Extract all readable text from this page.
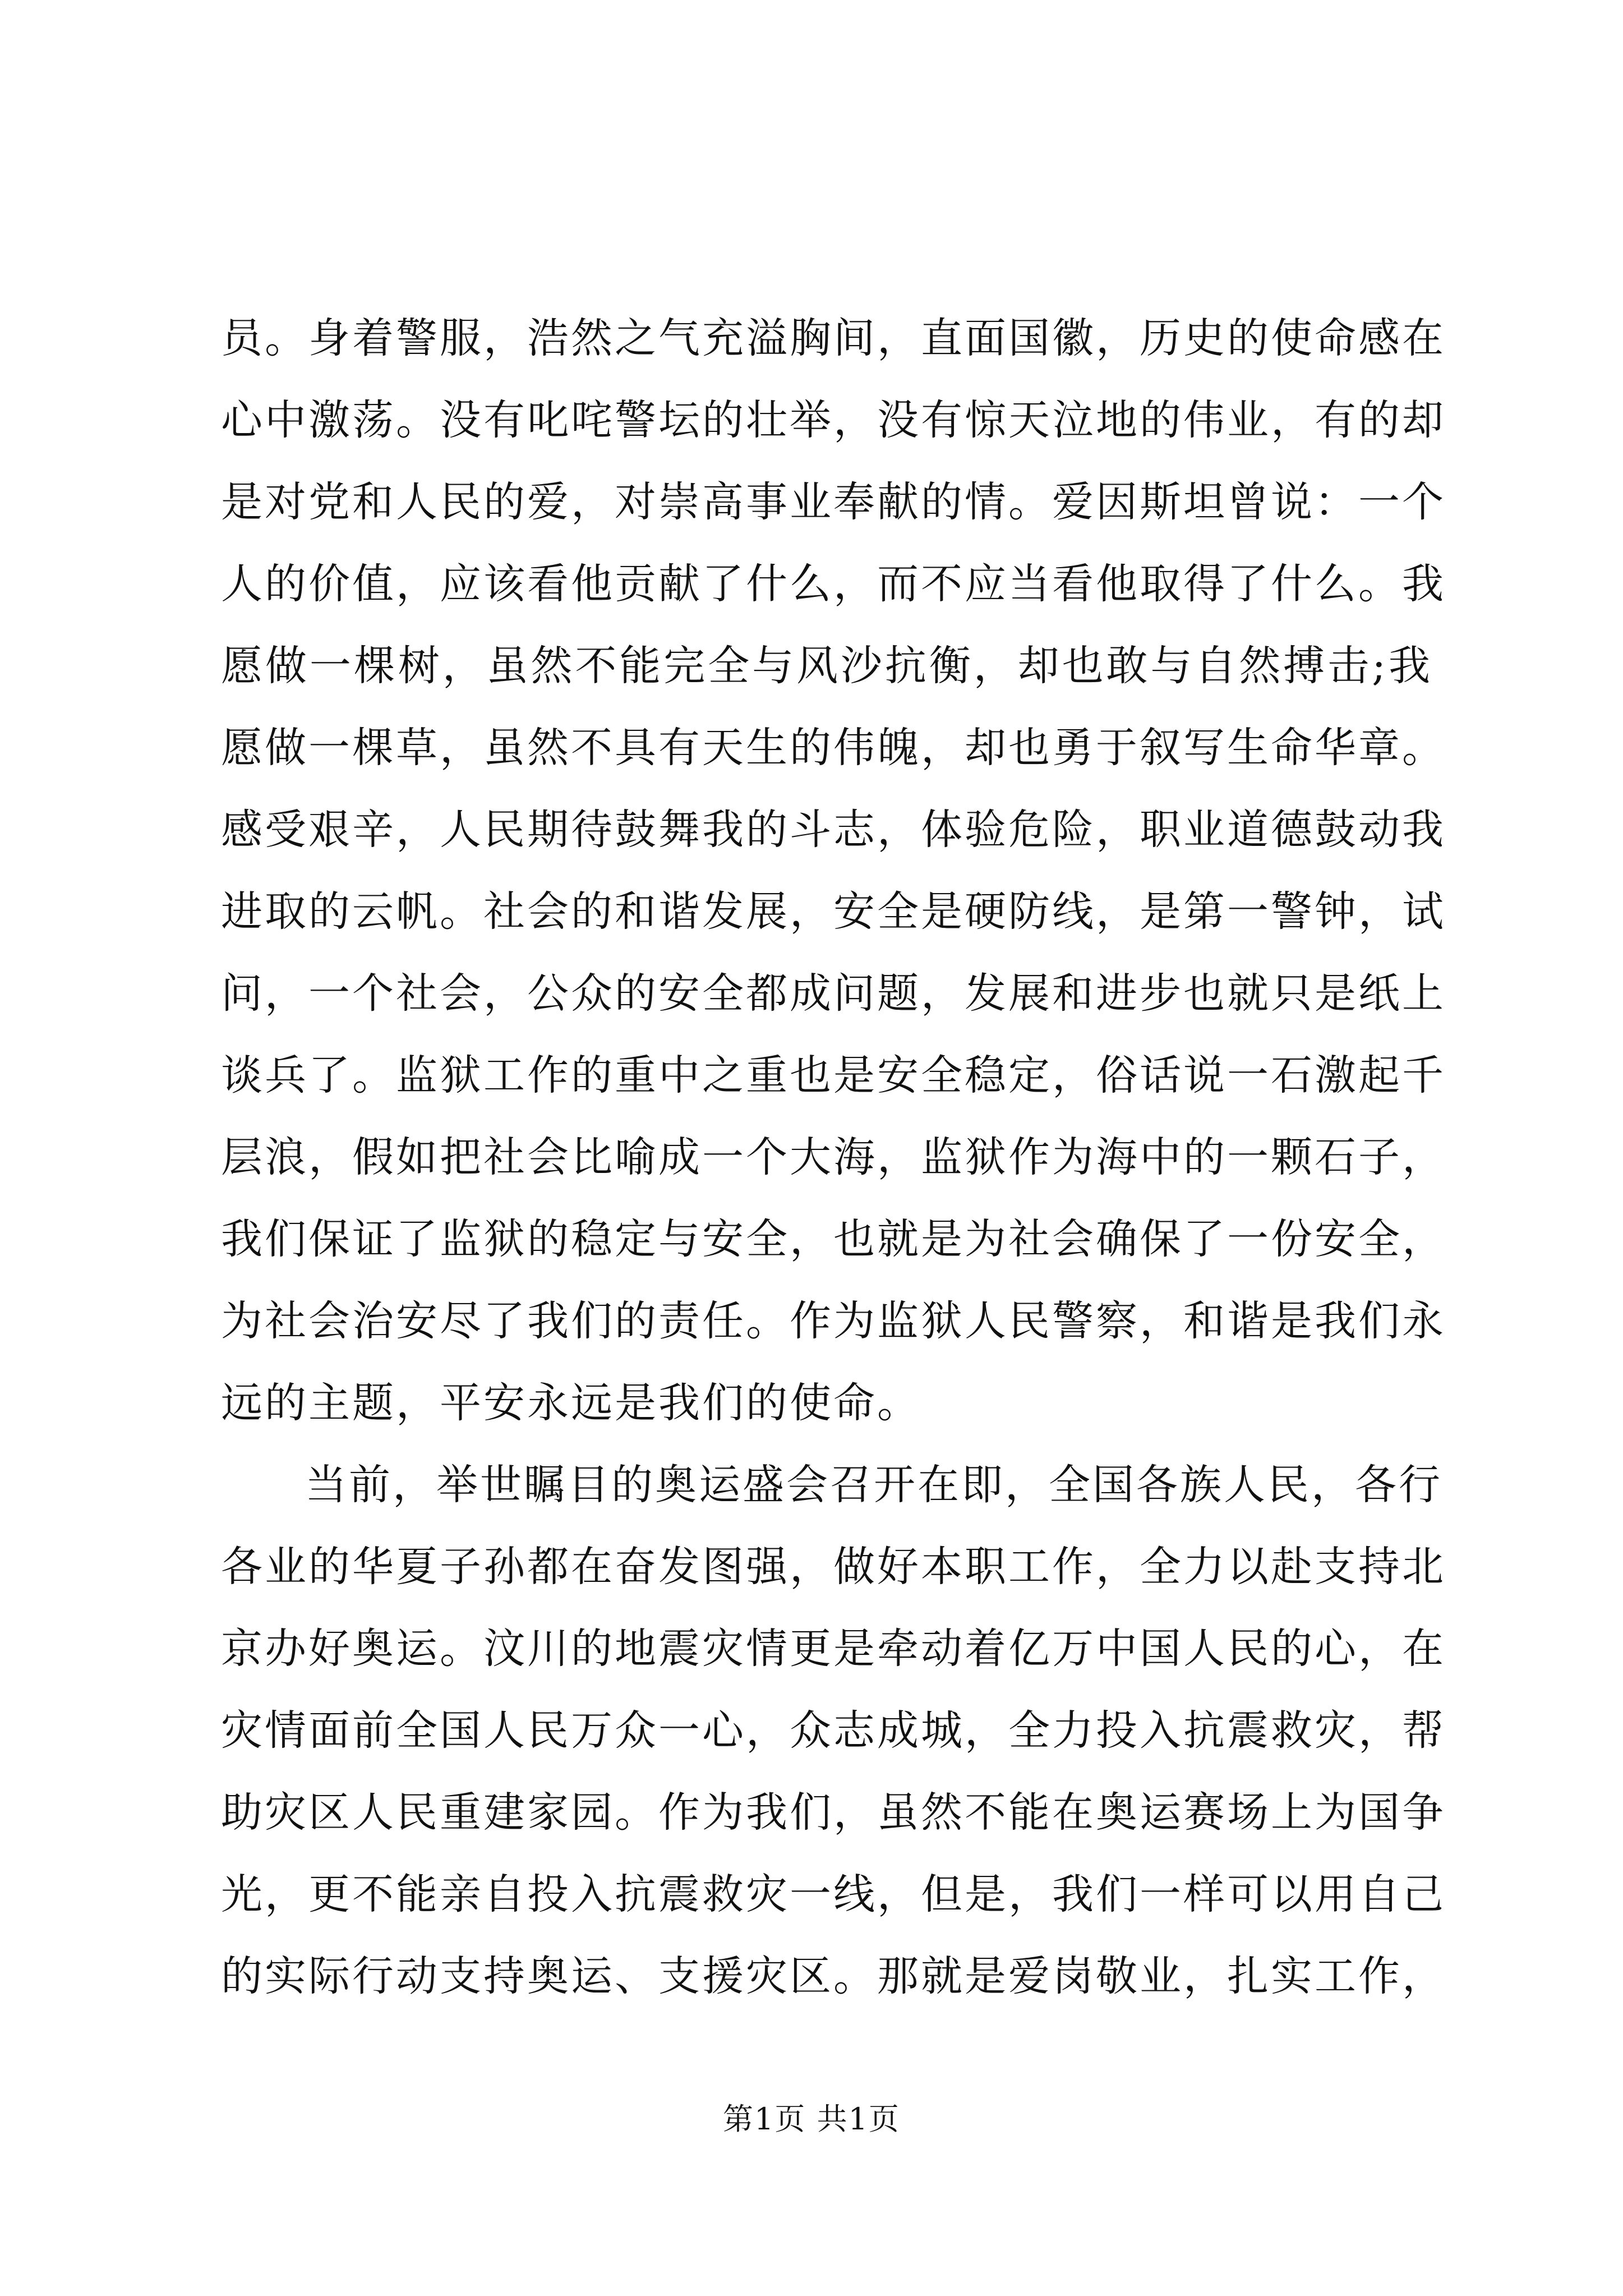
员。身着警服，浩然之气充溢胸间，直面国徽，历史的使命感在
心中激荡。没有叱咤警坛的壮举，没有惊天泣地的伟业，有的却
是对党和人民的爱，对崇高事业奉献的情。爱因斯坦曾说：一个
人的价值，应该看他贡献了什么，而不应当看他取得了什么。我
愿做一棵树，虽然不能完全与风沙抗衡，却也敢与自然搏击;我
愿做一棵草，虽然不具有天生的伟魄，却也勇于叙写生命华章。
感受艰辛，人民期待鼓舞我的斗志，体验危险，职业道德鼓动我
进取的云帆。社会的和谐发展，安全是硬防线，是第一警钟，试
问，一个社会，公众的安全都成问题，发展和进步也就只是纸上
谈兵了。监狱工作的重中之重也是安全稳定，俗话说一石激起千
层浪，假如把社会比喻成一个大海，监狱作为海中的一颗石子，
我们保证了监狱的稳定与安全，也就是为社会确保了一份安全，
为社会治安尽了我们的责任。作为监狱人民警察，和谐是我们永
远的主题，平安永远是我们的使命。
当前，举世瞩目的奥运盛会召开在即，全国各族人民，各行
各业的华夏子孙都在奋发图强，做好本职工作，全力以赴支持北
京办好奥运。汶川的地震灾情更是牵动着亿万中国人民的心，在
灾情面前全国人民万众一心，众志成城，全力投入抗震救灾，帮
助灾区人民重建家园。作为我们，虽然不能在奥运赛场上为国争
光，更不能亲自投入抗震救灾一线，但是，我们一样可以用自己
的实际行动支持奥运、支援灾区。那就是爱岗敬业，扎实工作，
第1页 共1页
